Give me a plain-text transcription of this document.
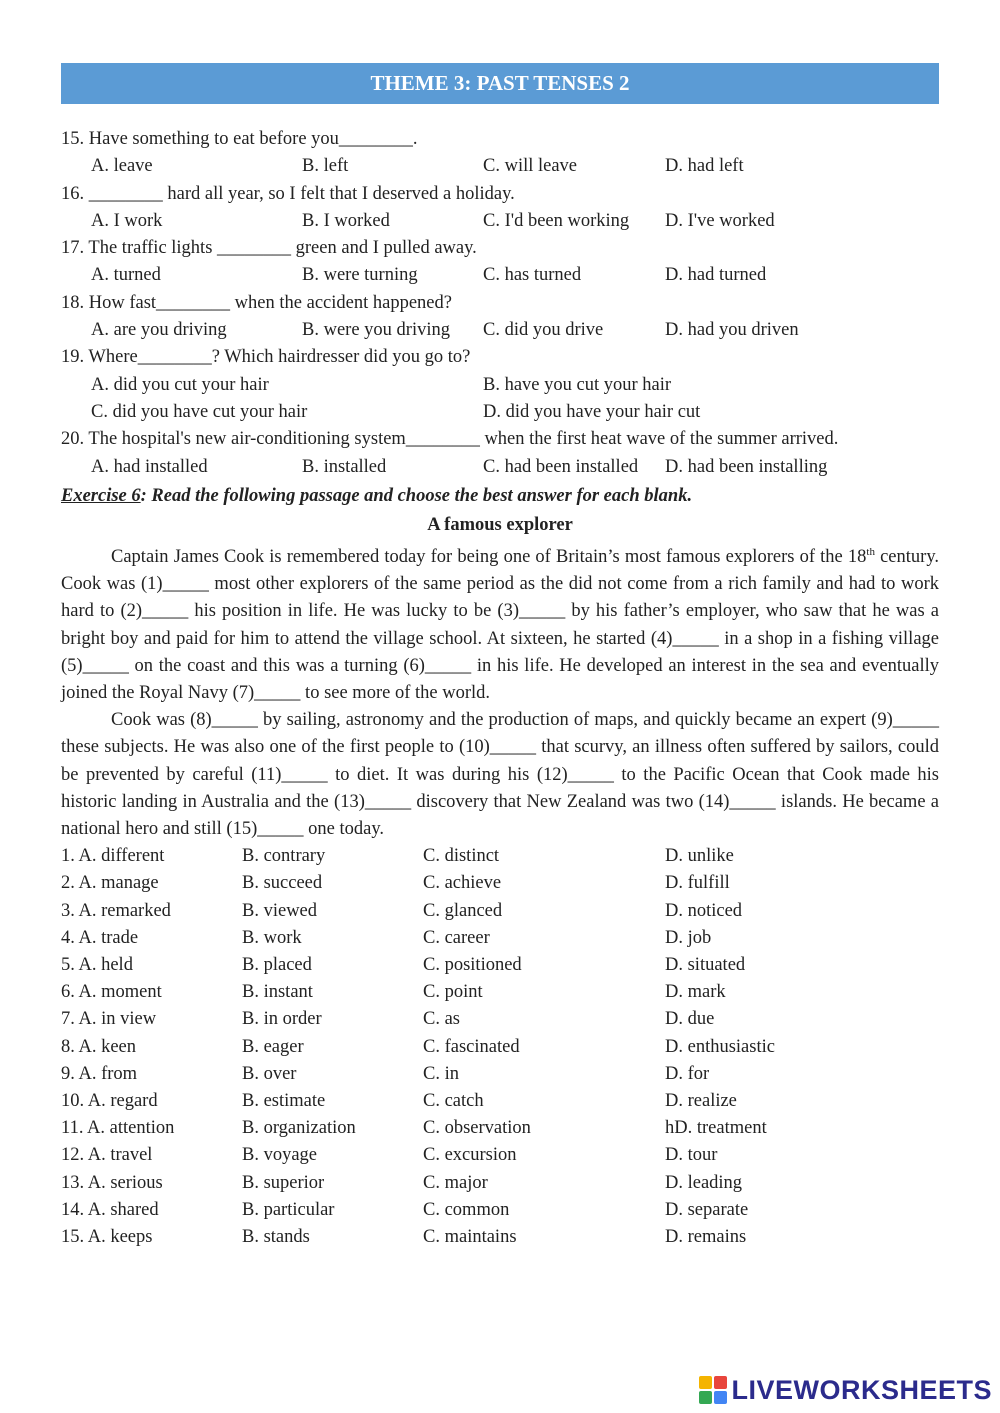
THEME 3: PAST TENSES 2
15. Have something to eat before you________.
A. leave	B. left	C. will leave	D. had left
16. ________ hard all year, so I felt that I deserved a holiday.
A. I work	B. I worked	C. I'd been working D. I've worked
17. The traffic lights ________ green and I pulled away.
A. turned	B. were turning	C. has turned	D. had turned
18. How fast________ when the accident happened?
A. are you driving	B. were you driving C. did you drive	D. had you driven
19. Where________? Which hairdresser did you go to?
A. did you cut your hair	B. have you cut your hair
C. did you have cut your hair	D. did you have your hair cut
20. The hospital's new air-conditioning system________ when the first heat wave of the summer arrived.
A. had installed	B. installed	C. had been installed D. had been installing
Exercise 6: Read the following passage and choose the best answer for each blank.
A famous explorer

Captain James Cook is remembered today for being one of Britain’s most famous explorers of the 18th century. Cook was (1)_____ most other explorers of the same period as the did not come from a rich family and had to work hard to (2)_____ his position in life. He was lucky to be (3)_____ by his father’s employer, who saw that he was a bright boy and paid for him to attend the village school. At sixteen, he started (4)_____ in a shop in a fishing village (5)_____ on the coast and this was a turning (6)_____ in his life. He developed an interest in the sea and eventually joined the Royal Navy (7)_____ to see more of the world.

Cook was (8)_____ by sailing, astronomy and the production of maps, and quickly became an expert (9)_____ these subjects. He was also one of the first people to (10)_____ that scurvy, an illness often suffered by sailors, could be prevented by careful (11)_____ to diet. It was during his (12)_____ to the Pacific Ocean that Cook made his historic landing in Australia and the (13)_____ discovery that New Zealand was two (14)_____ islands. He became a national hero and still (15)_____ one today.

1. A. different	B. contrary	C. distinct	D. unlike
2. A. manage	B. succeed	C. achieve	D. fulfill
3. A. remarked	B. viewed	C. glanced	D. noticed
4. A. trade	B. work	C. career	D. job
5. A. held	B. placed	C. positioned	D. situated
6. A. moment	B. instant	C. point	D. mark
7. A. in view	B. in order	C. as	D. due
8. A. keen	B. eager	C. fascinated	D. enthusiastic
9. A. from	B. over	C. in	D. for
10. A. regard	B. estimate	C. catch	D. realize
11. A. attention	B. organization	C. observation	hD. treatment
12. A. travel	B. voyage	C. excursion	D. tour
13. A. serious	B. superior	C. major	D. leading
14. A. shared	B. particular	C. common	D. separate
15. A. keeps	B. stands	C. maintains	D. remains
LIVEWORKSHEETS
